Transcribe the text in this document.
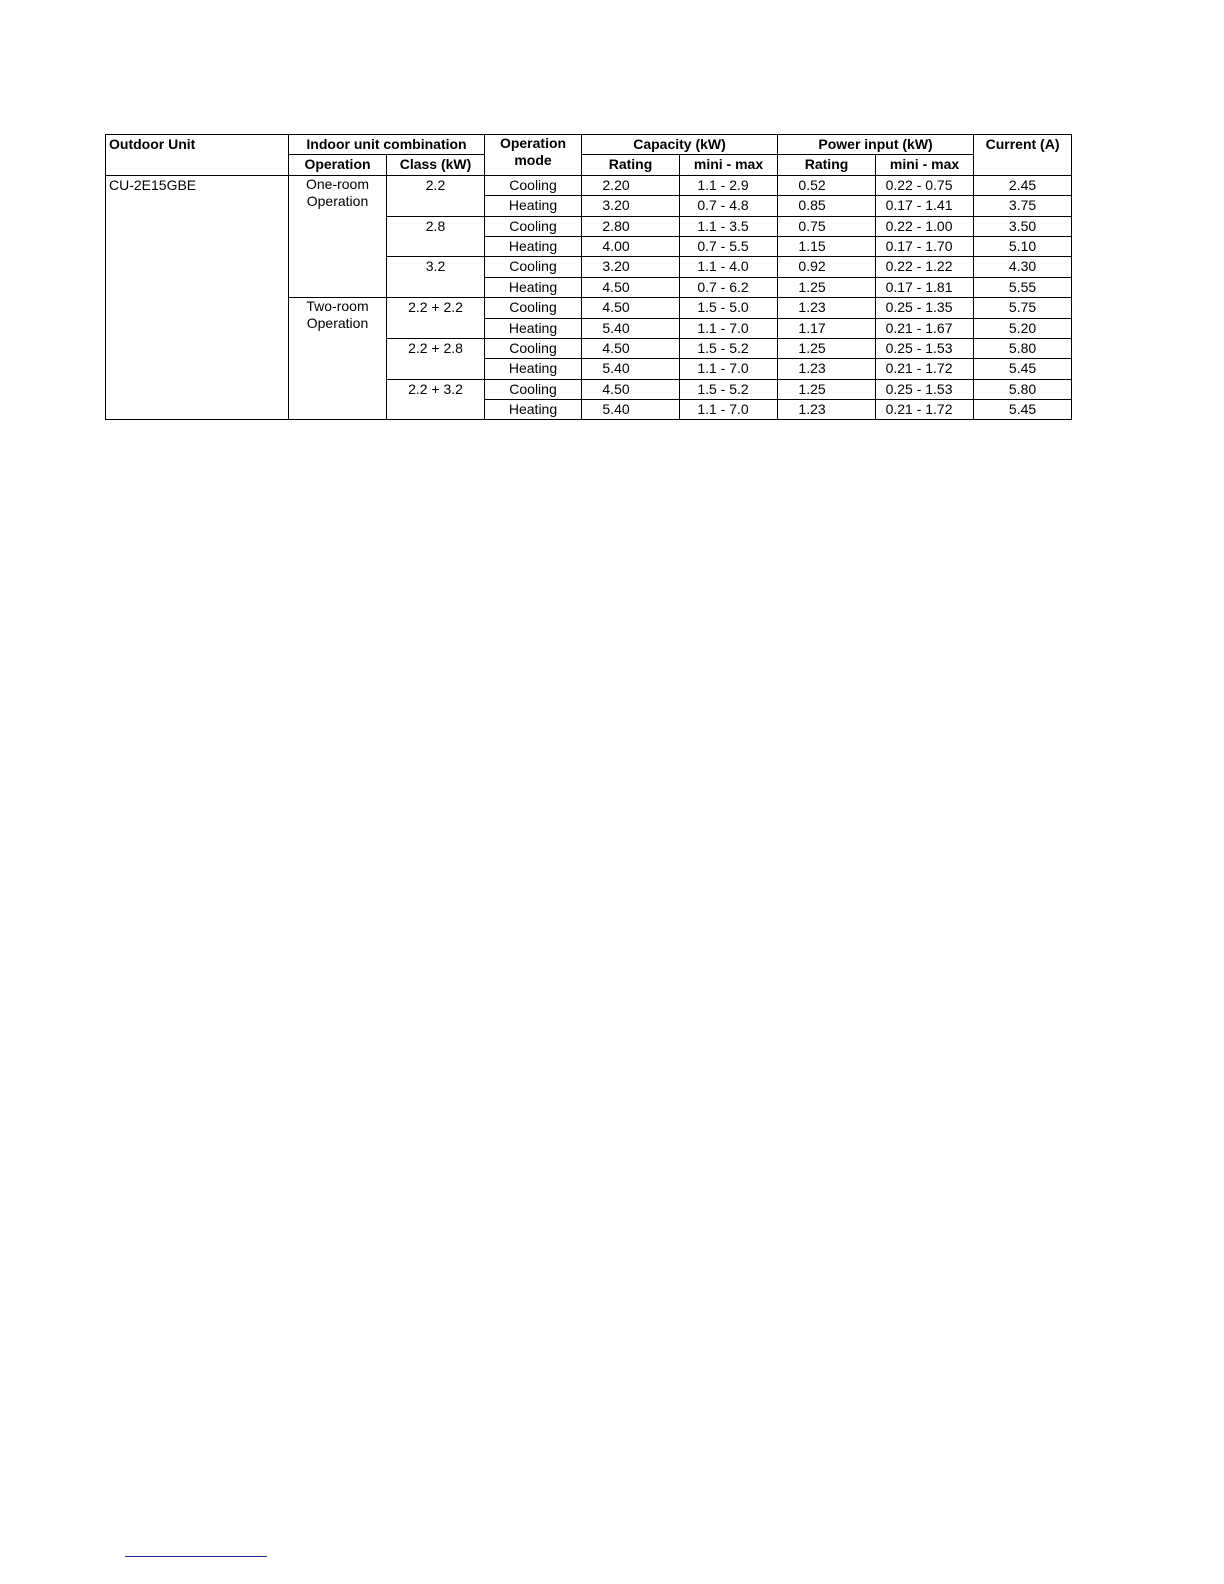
Outdoor Unit	Indoor unit combination		Operation mode	Capacity (kW)		Power input (kW)		Current (A)
	Operation	Class (kW)		Rating	mini - max	Rating	mini - max	
CU-2E15GBE	One-room Operation	2.2	Cooling	2.20	1.1 - 2.9	0.52	0.22 - 0.75	2.45
			Heating	3.20	0.7 - 4.8	0.85	0.17 - 1.41	3.75
		2.8	Cooling	2.80	1.1 - 3.5	0.75	0.22 - 1.00	3.50
			Heating	4.00	0.7 - 5.5	1.15	0.17 - 1.70	5.10
		3.2	Cooling	3.20	1.1 - 4.0	0.92	0.22 - 1.22	4.30
			Heating	4.50	0.7 - 6.2	1.25	0.17 - 1.81	5.55
	Two-room Operation	2.2 + 2.2	Cooling	4.50	1.5 - 5.0	1.23	0.25 - 1.35	5.75
			Heating	5.40	1.1 - 7.0	1.17	0.21 - 1.67	5.20
		2.2 + 2.8	Cooling	4.50	1.5 - 5.2	1.25	0.25 - 1.53	5.80
			Heating	5.40	1.1 - 7.0	1.23	0.21 - 1.72	5.45
		2.2 + 3.2	Cooling	4.50	1.5 - 5.2	1.25	0.25 - 1.53	5.80
			Heating	5.40	1.1 - 7.0	1.23	0.21 - 1.72	5.45
